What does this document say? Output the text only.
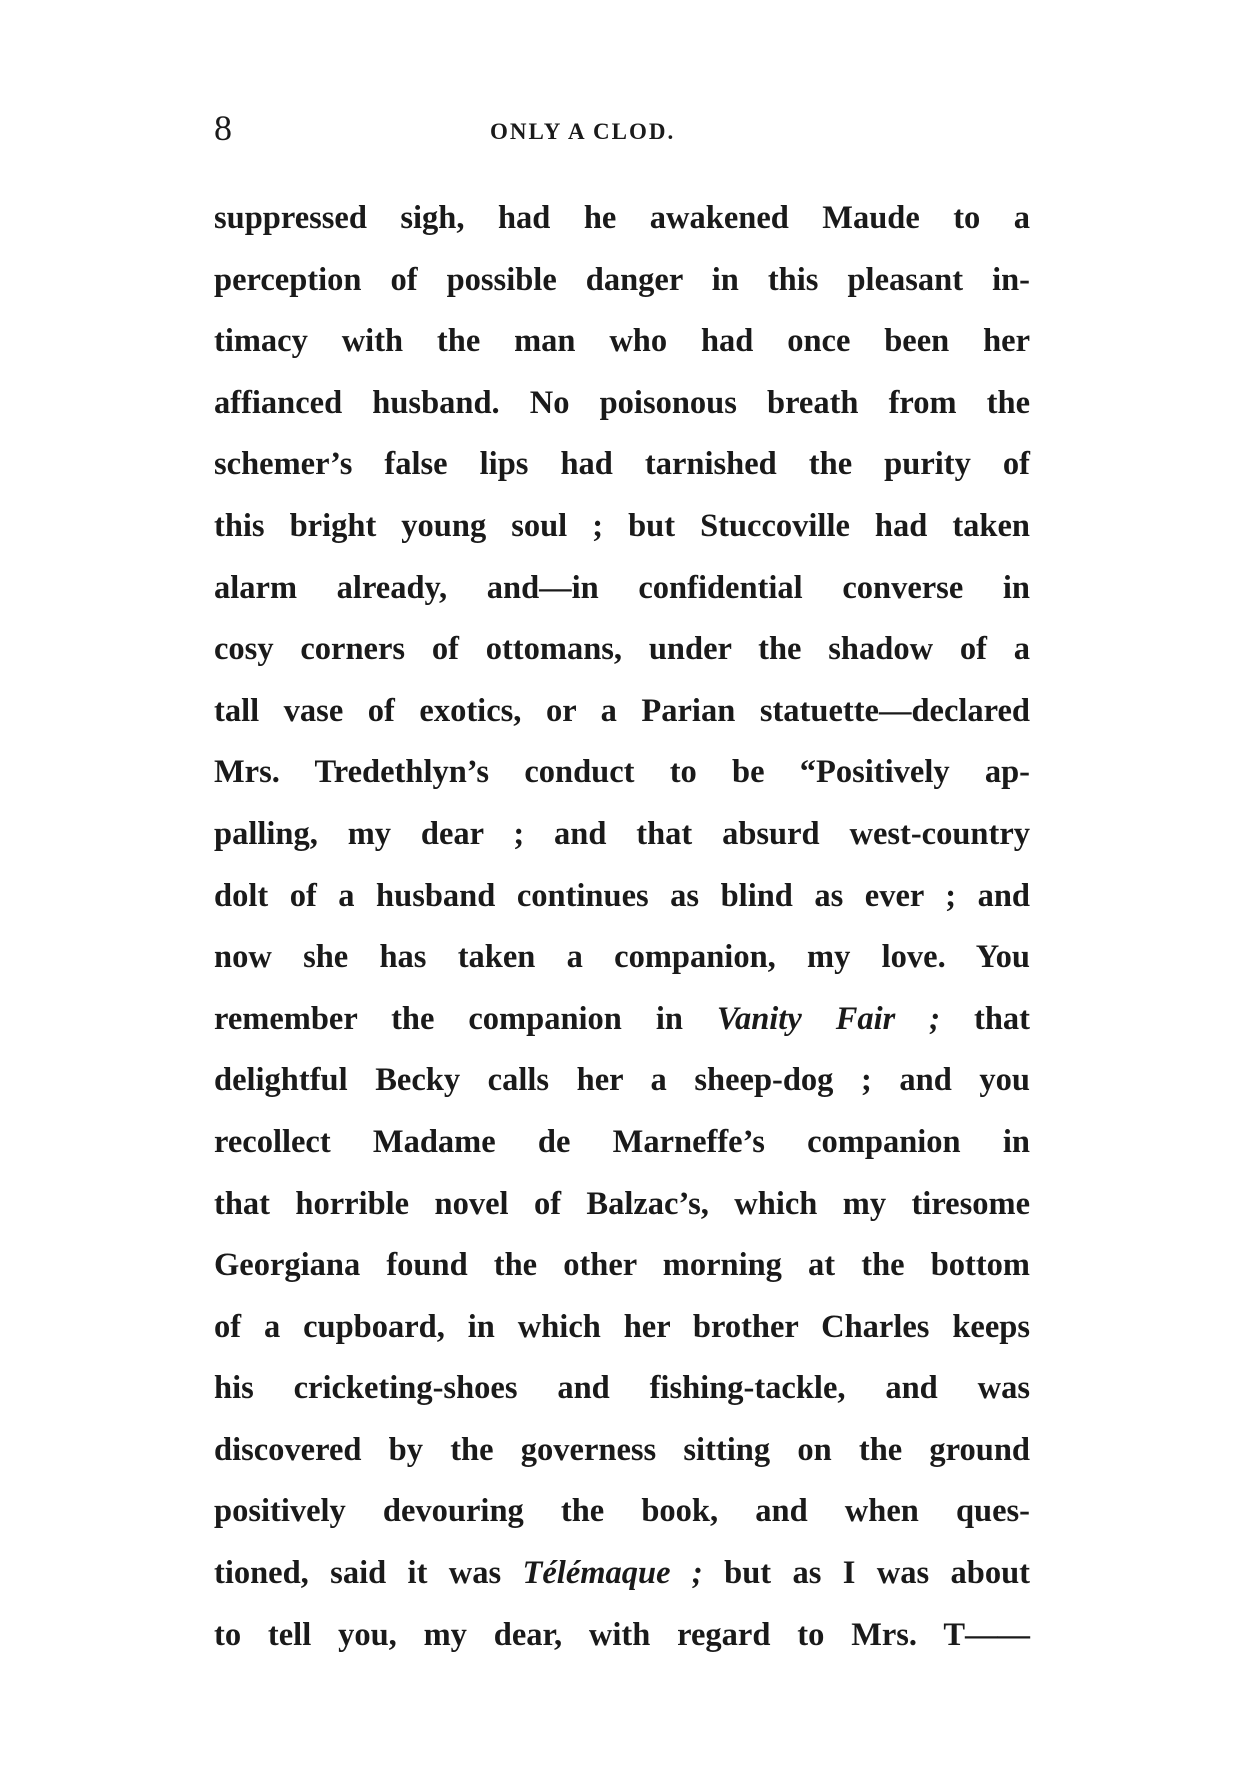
8	ONLY A CLOD.

suppressed sigh, had he awakened Maude to a
perception of possible danger in this pleasant in-
timacy with the man who had once been her
affianced husband. No poisonous breath from the
schemer’s false lips had tarnished the purity of
this bright young soul ; but Stuccoville had taken
alarm already, and—in confidential converse in
cosy corners of ottomans, under the shadow of a
tall vase of exotics, or a Parian statuette—declared
Mrs. Tredethlyn’s conduct to be “Positively ap-
palling, my dear ; and that absurd west-country
dolt of a husband continues as blind as ever ; and
now she has taken a companion, my love. You
remember the companion in Vanity Fair ; that
delightful Becky calls her a sheep-dog ; and you
recollect Madame de Marneffe’s companion in
that horrible novel of Balzac’s, which my tiresome
Georgiana found the other morning at the bottom
of a cupboard, in which her brother Charles keeps
his cricketing-shoes and fishing-tackle, and was
discovered by the governess sitting on the ground
positively devouring the book, and when ques-
tioned, said it was Télémaque ; but as I was about
to tell you, my dear, with regard to Mrs. T——
